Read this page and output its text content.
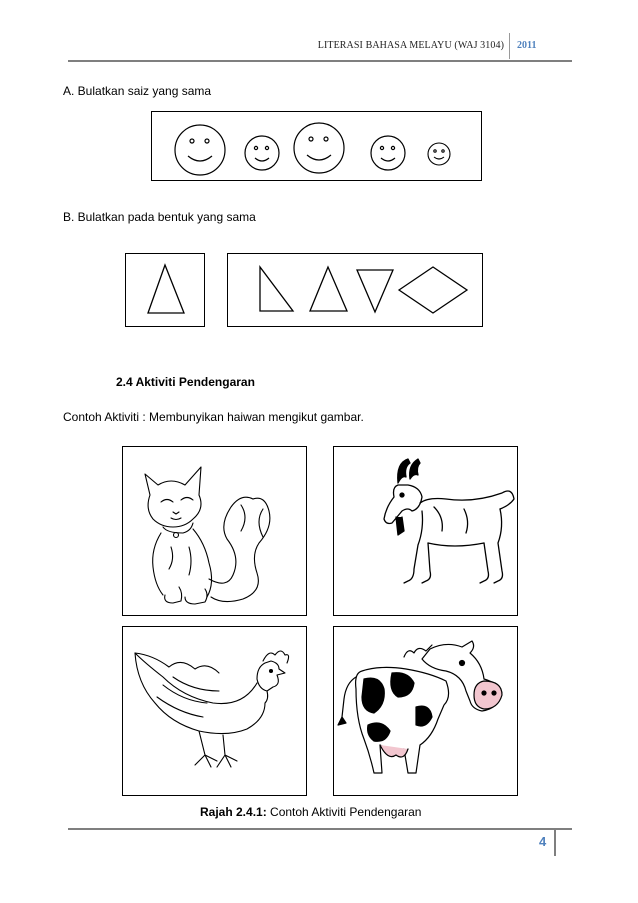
LITERASI BAHASA MELAYU (WAJ 3104) 2011
A. Bulatkan saiz yang sama
B. Bulatkan pada bentuk yang sama
2.4 Aktiviti Pendengaran
Contoh Aktiviti : Membunyikan haiwan mengikut gambar.
Rajah 2.4.1: Contoh Aktiviti Pendengaran
4
